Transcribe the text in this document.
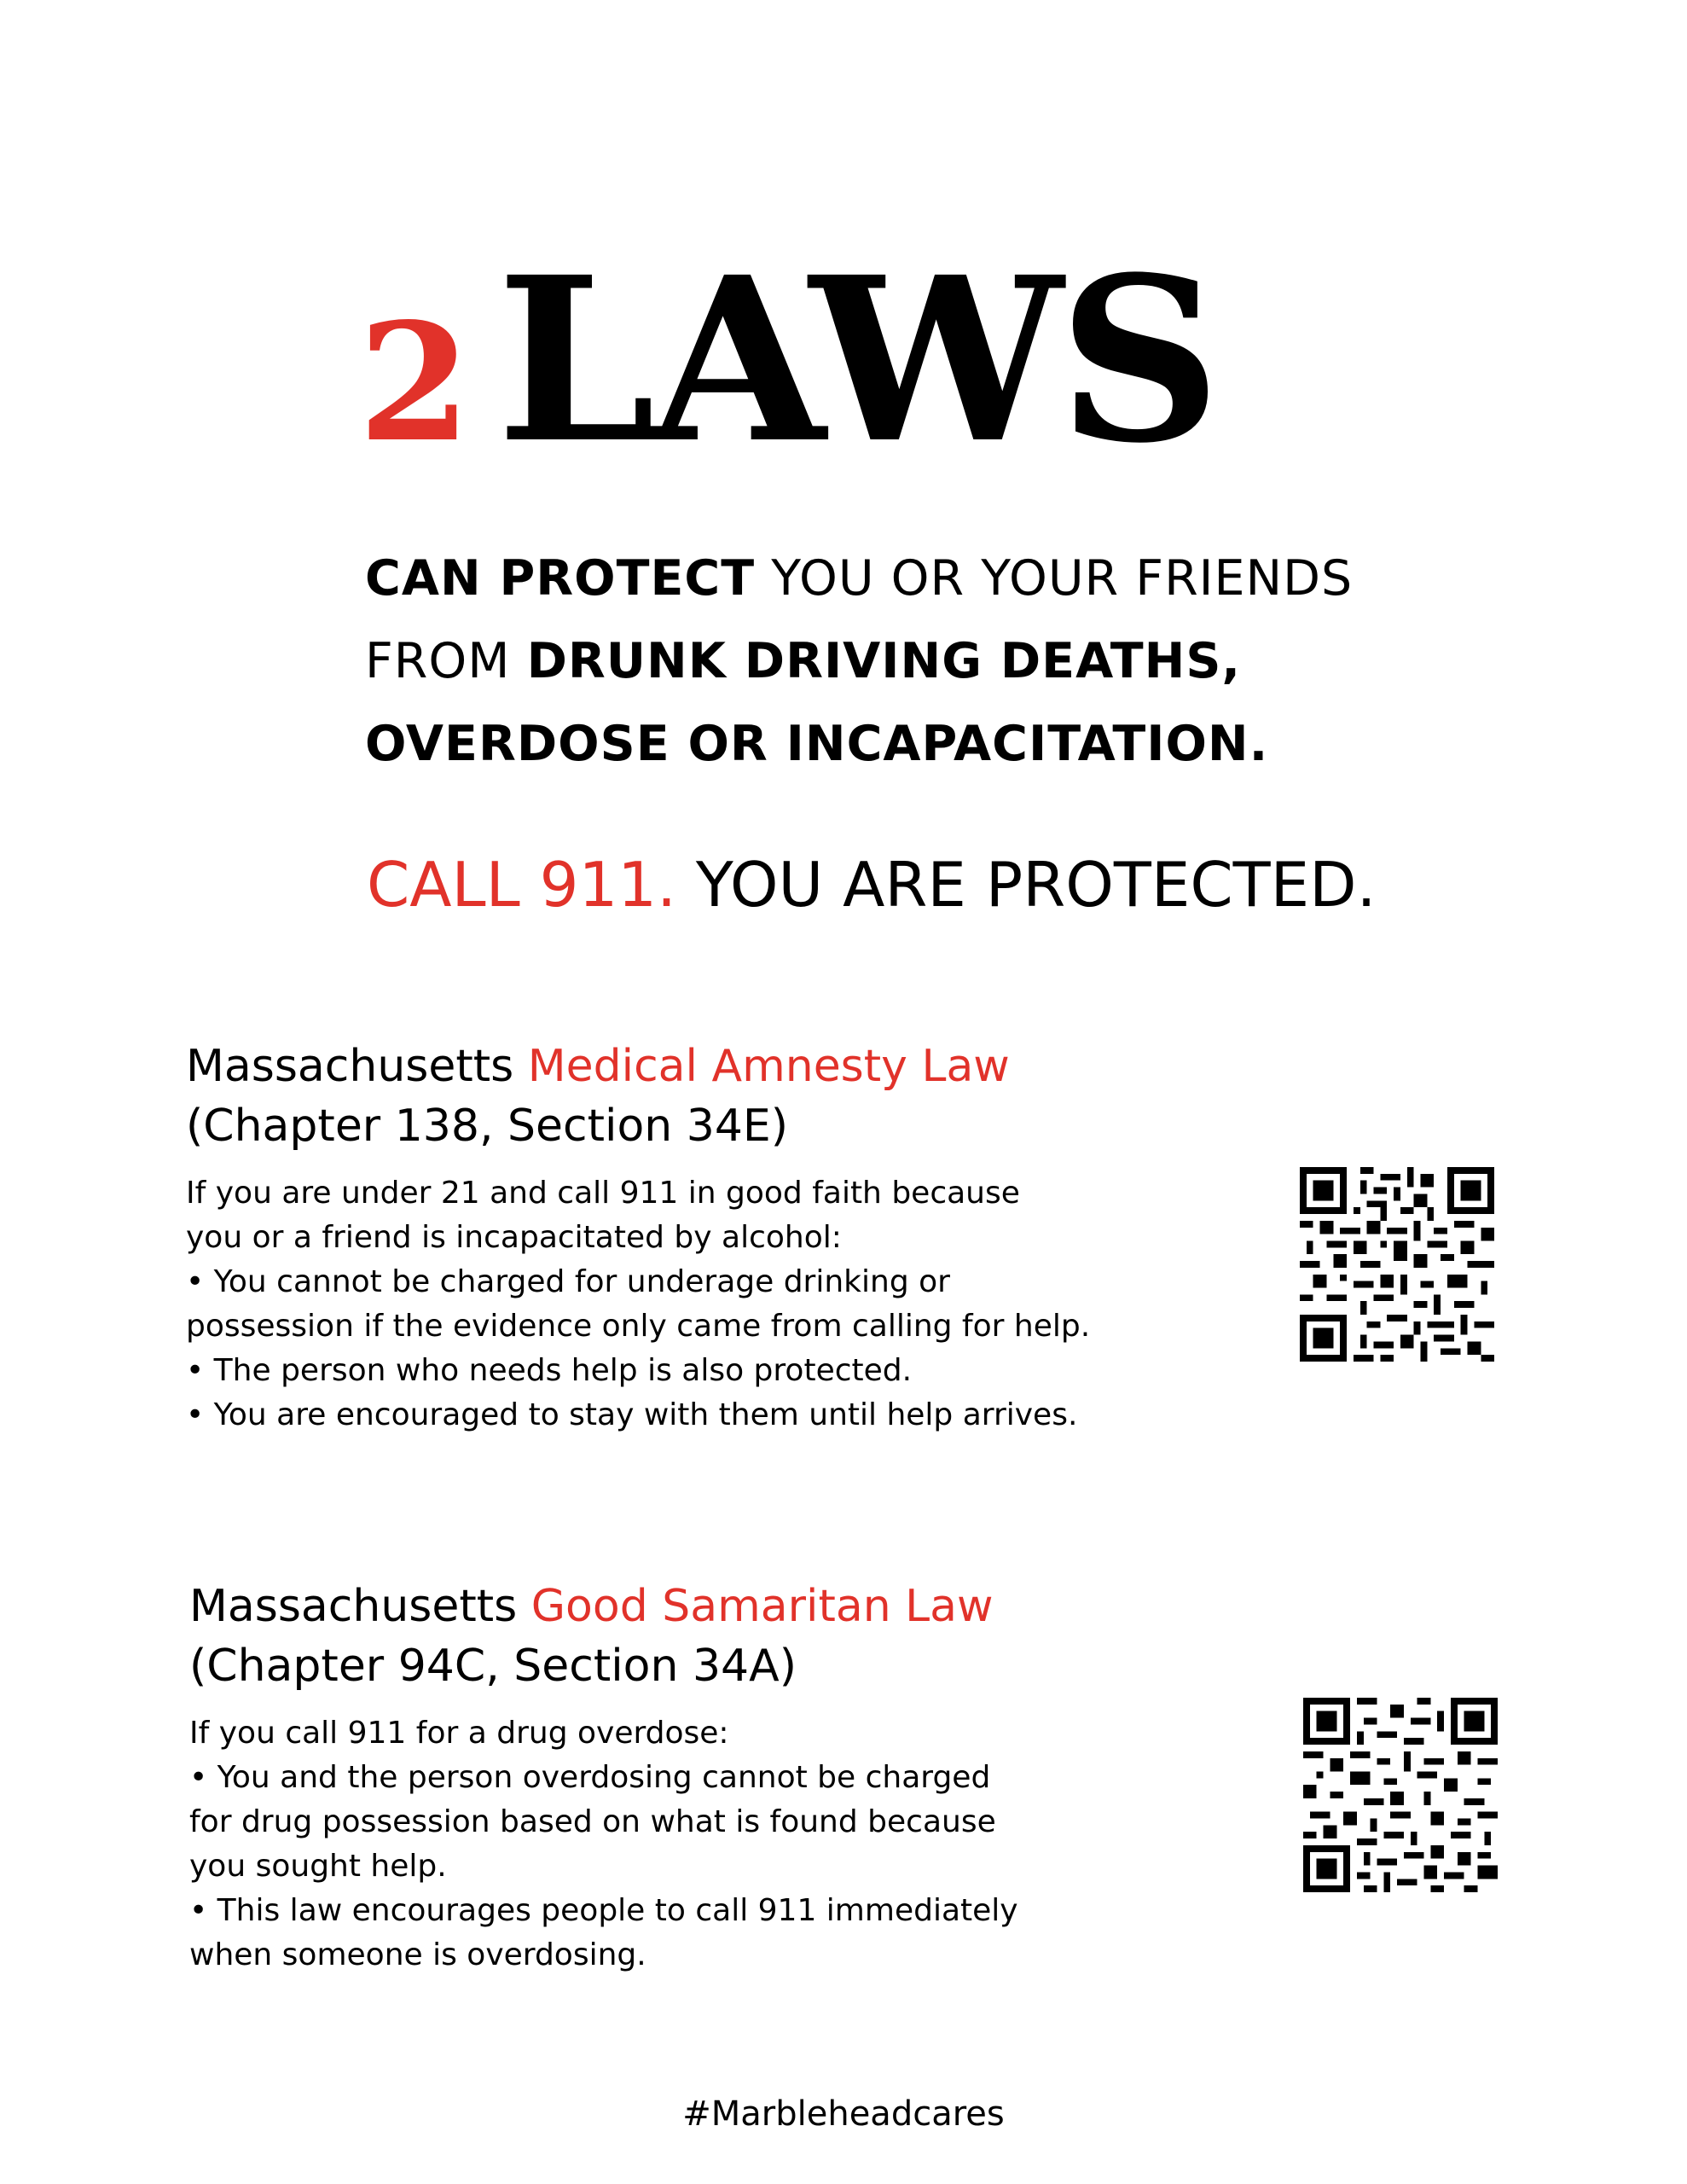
2 LAWS
CAN PROTECT YOU OR YOUR FRIENDS
FROM DRUNK DRIVING DEATHS,
OVERDOSE OR INCAPACITATION.
CALL 911. YOU ARE PROTECTED.
Massachusetts Medical Amnesty Law
(Chapter 138, Section 34E)
If you are under 21 and call 911 in good faith because
you or a friend is incapacitated by alcohol:
• You cannot be charged for underage drinking or
possession if the evidence only came from calling for help.
• The person who needs help is also protected.
• You are encouraged to stay with them until help arrives.
Massachusetts Good Samaritan Law
(Chapter 94C, Section 34A)
If you call 911 for a drug overdose:
• You and the person overdosing cannot be charged
for drug possession based on what is found because
you sought help.
• This law encourages people to call 911 immediately
when someone is overdosing.
#Marbleheadcares
